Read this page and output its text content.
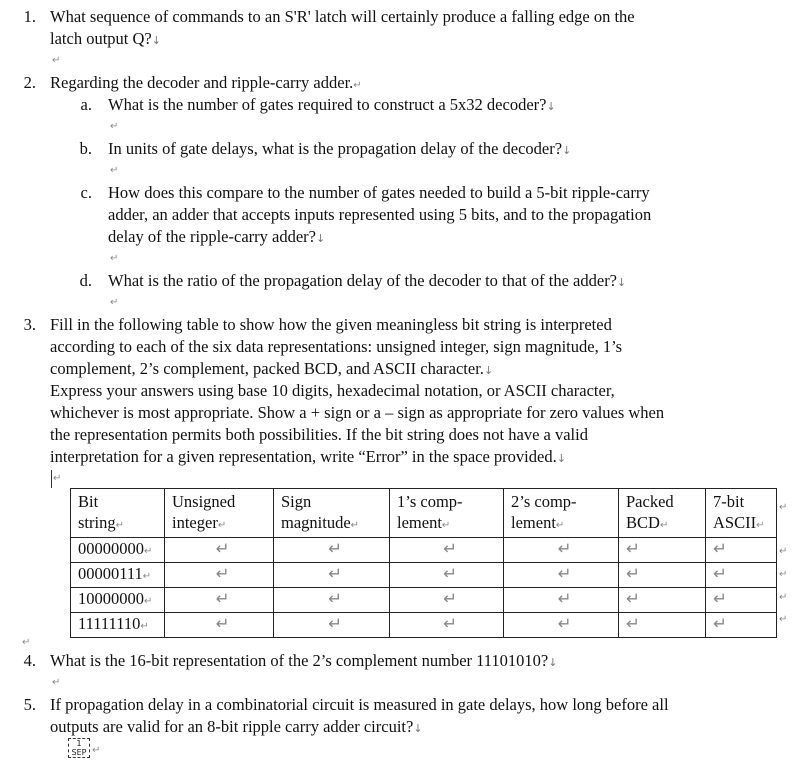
1. What sequence of commands to an S'R' latch will certainly produce a falling edge on the
latch output Q?↓
↵
2. Regarding the decoder and ripple-carry adder.↵
a. What is the number of gates required to construct a 5x32 decoder?↓
↵
b. In units of gate delays, what is the propagation delay of the decoder?↓
↵
c. How does this compare to the number of gates needed to build a 5-bit ripple-carry
adder, an adder that accepts inputs represented using 5 bits, and to the propagation
delay of the ripple-carry adder?↓
↵
d. What is the ratio of the propagation delay of the decoder to that of the adder?↓
↵
3. Fill in the following table to show how the given meaningless bit string is interpreted
according to each of the six data representations: unsigned integer, sign magnitude, 1’s
complement, 2’s complement, packed BCD, and ASCII character.↓
Express your answers using base 10 digits, hexadecimal notation, or ASCII character,
whichever is most appropriate. Show a + sign or a – sign as appropriate for zero values when
the representation permits both possibilities. If the bit string does not have a valid
interpretation for a given representation, write “Error” in the space provided.↓
↵
Bit
string↵	Unsigned
integer↵	Sign
magnitude↵	1’s comp-
lement↵	2’s comp-
lement↵	Packed
BCD↵	7-bit
ASCII↵
00000000↵	↵	↵	↵	↵	↵	↵
00000111↵	↵	↵	↵	↵	↵	↵
10000000↵	↵	↵	↵	↵	↵	↵
11111110↵	↵	↵	↵	↵	↵	↵
↵
↵
↵
↵
↵
↵
4. What is the 16-bit representation of the 2’s complement number 11101010?↓
↵
5. If propagation delay in a combinatorial circuit is measured in gate delays, how long before all
outputs are valid for an 8-bit ripple carry adder circuit?↓
1
SEP ↵
